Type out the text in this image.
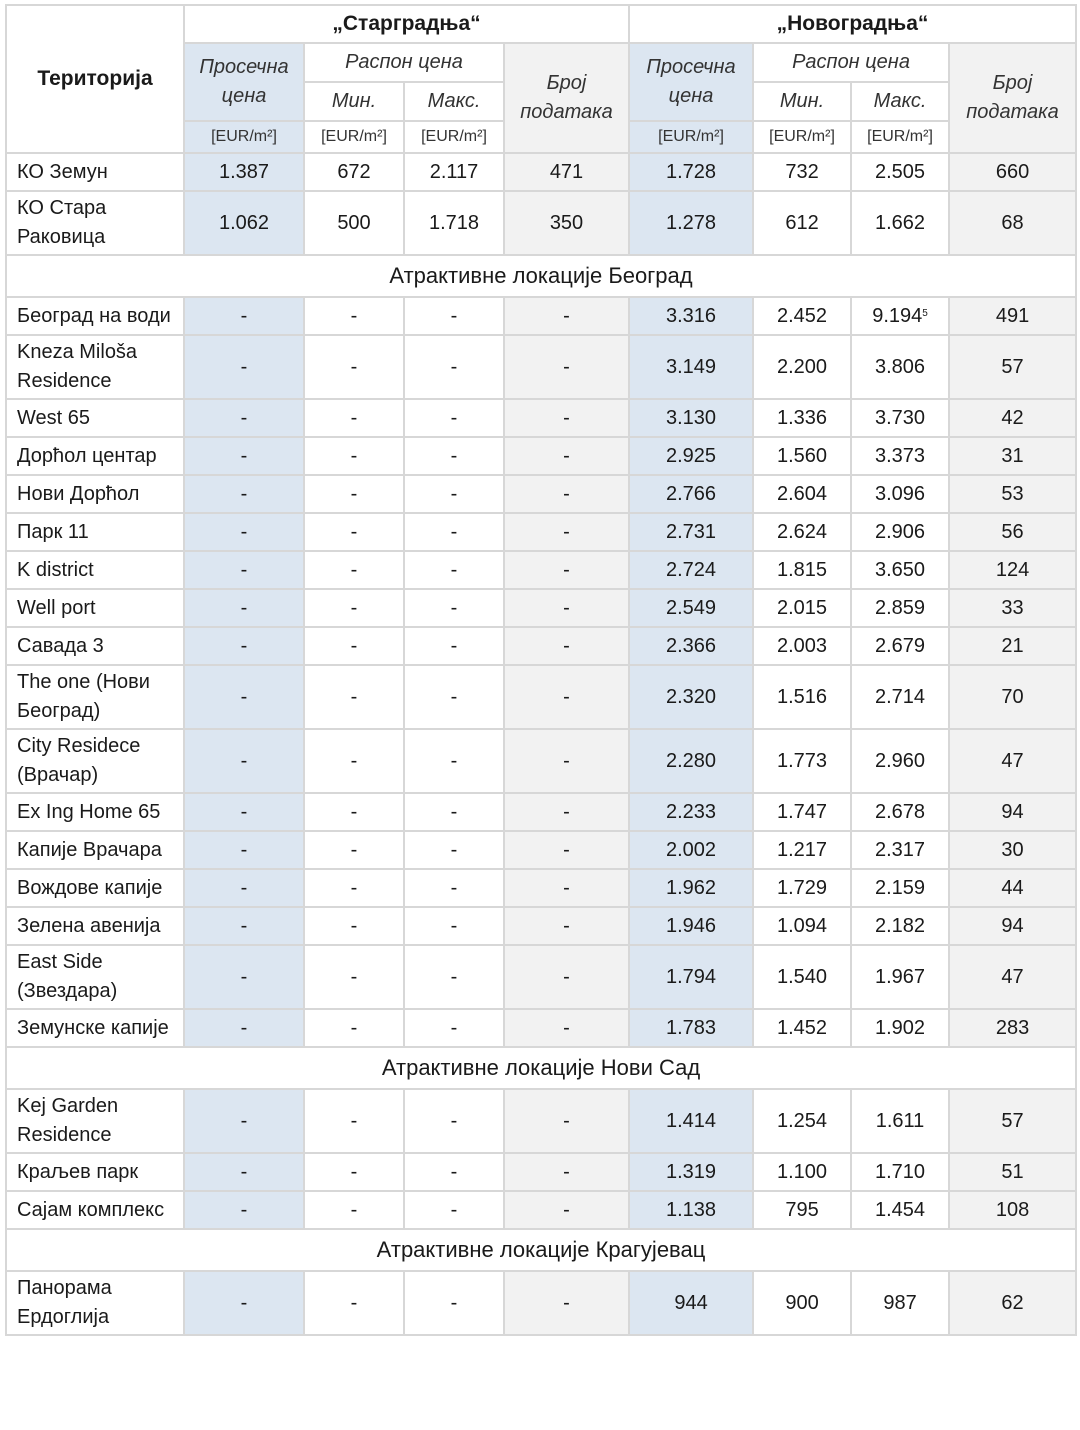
Територија	„Старградња“				„Новоградња“			
	Просечна цена	Распон цена		Број података	Просечна цена	Распон цена		Број података
		Мин.	Макс.			Мин.	Макс.	
	[EUR/m²]	[EUR/m²]	[EUR/m²]		[EUR/m²]	[EUR/m²]	[EUR/m²]	
КО Земун	1.387	672	2.117	471	1.728	732	2.505	660
КО Стара Раковица	1.062	500	1.718	350	1.278	612	1.662	68
Атрактивне локације Београд								
Београд на води	-	-	-	-	3.316	2.452	9.194$^5$	491
Kneza Miloša Residence	-	-	-	-	3.149	2.200	3.806	57
West 65	-	-	-	-	3.130	1.336	3.730	42
Дорћол центар	-	-	-	-	2.925	1.560	3.373	31
Нови Дорћол	-	-	-	-	2.766	2.604	3.096	53
Парк 11	-	-	-	-	2.731	2.624	2.906	56
K district	-	-	-	-	2.724	1.815	3.650	124
Well port	-	-	-	-	2.549	2.015	2.859	33
Савада 3	-	-	-	-	2.366	2.003	2.679	21
The one (Нови Београд)	-	-	-	-	2.320	1.516	2.714	70
City Residece (Врачар)	-	-	-	-	2.280	1.773	2.960	47
Ex Ing Home 65	-	-	-	-	2.233	1.747	2.678	94
Капије Врачара	-	-	-	-	2.002	1.217	2.317	30
Вождове капије	-	-	-	-	1.962	1.729	2.159	44
Зелена авенија	-	-	-	-	1.946	1.094	2.182	94
East Side (Звездара)	-	-	-	-	1.794	1.540	1.967	47
Земунске капије	-	-	-	-	1.783	1.452	1.902	283
Атрактивне локације Нови Сад								
Kej Garden Residence	-	-	-	-	1.414	1.254	1.611	57
Краљев парк	-	-	-	-	1.319	1.100	1.710	51
Сајам комплекс	-	-	-	-	1.138	795	1.454	108
Атрактивне локације Крагујевац								
Панорама Ердоглија	-	-	-	-	944	900	987	62
